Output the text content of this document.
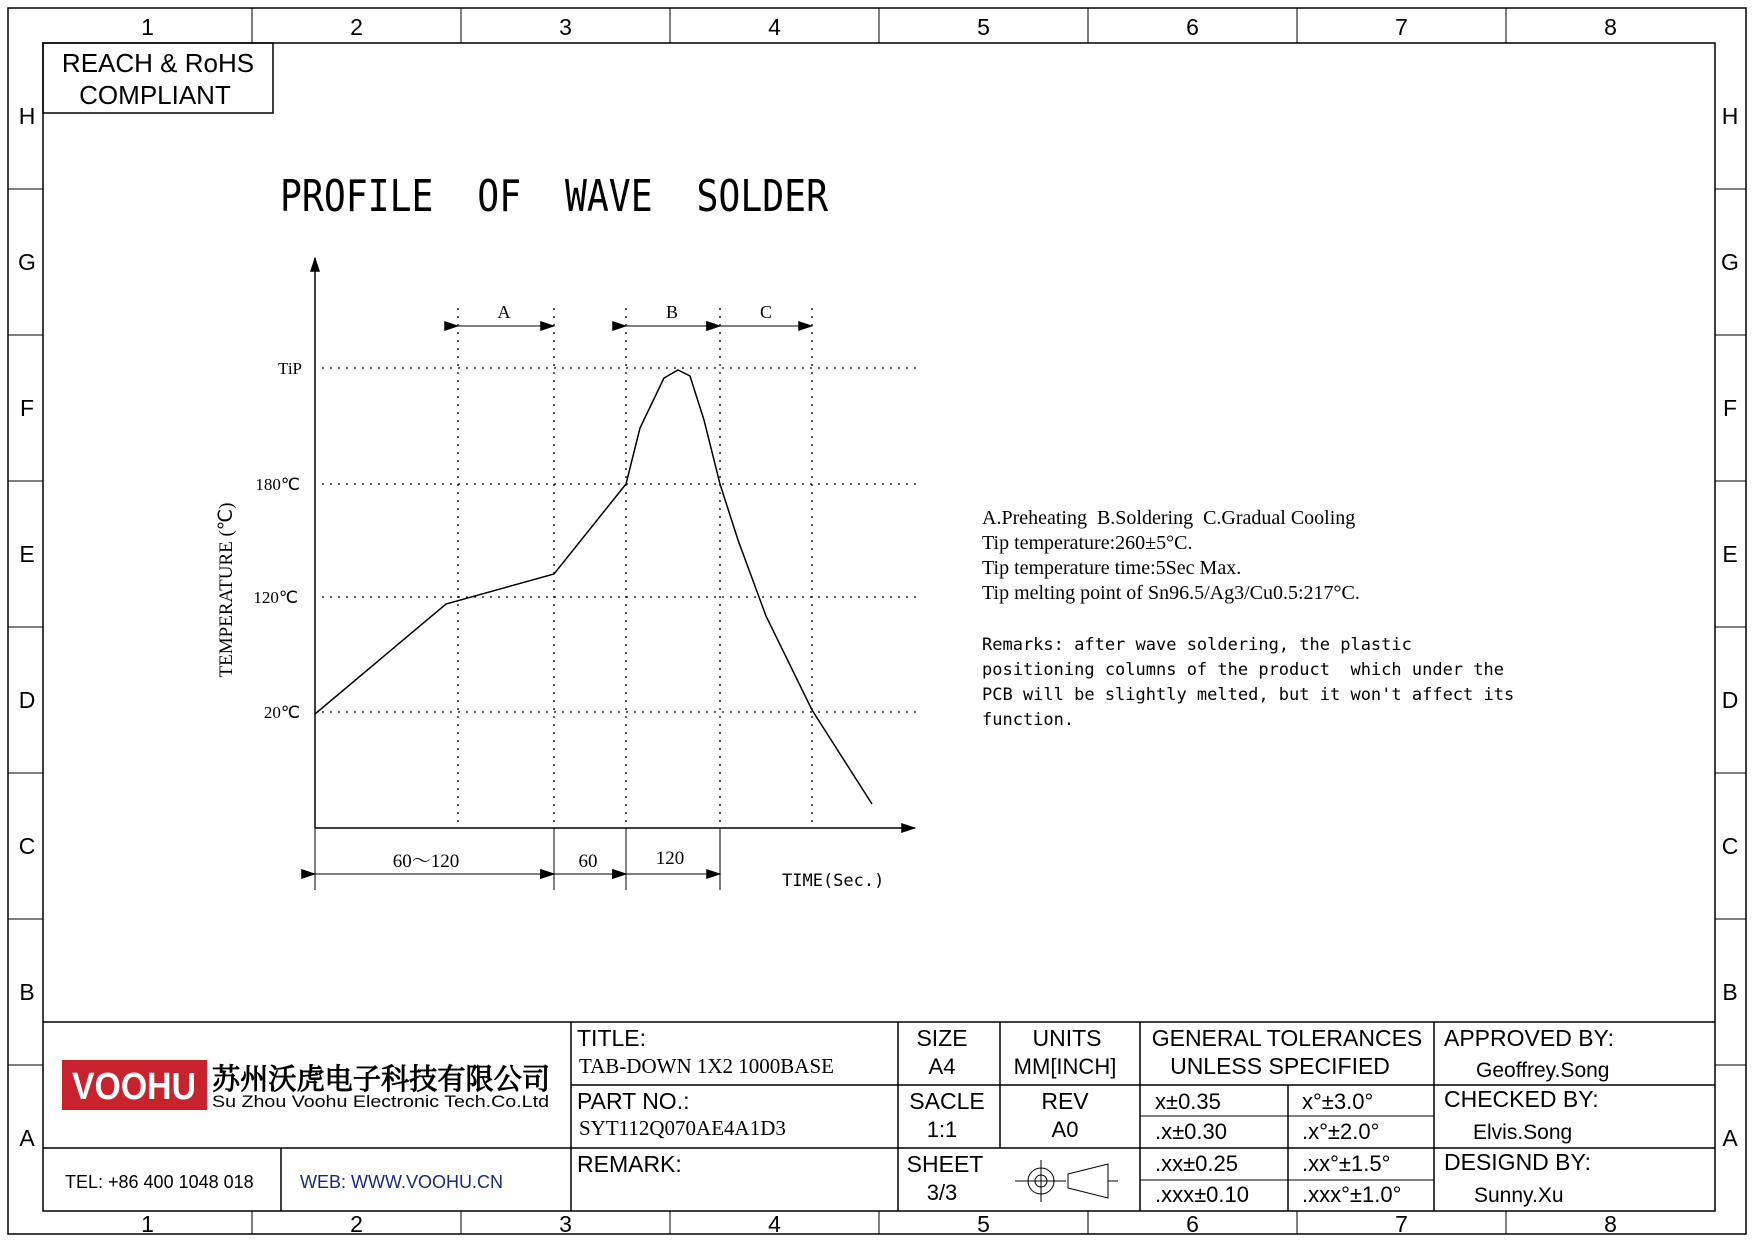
1
1
2
2
3
3
4
4
5
5
6
6
7
7
8
8
H	H
G	G
F	F
E	E
D	D
C	C
B	B
A	A
REACH & RoHS
COMPLIANT
PROFILE  OF  WAVE  SOLDER
TiP
180℃
120℃
20℃
TEMPERATURE (℃)
A	B	C
60～120	60	120
TIME(Sec.)
A.Preheating  B.Soldering  C.Gradual Cooling
Tip temperature:260±5°C.
Tip temperature time:5Sec Max.
Tip melting point of Sn96.5/Ag3/Cu0.5:217°C.
Remarks: after wave soldering, the plastic
positioning columns of the product  which under the
PCB will be slightly melted, but it won't affect its
function.
VOOHU 苏州沃虎电子科技有限公司
Su Zhou Voohu Electronic Tech.Co.Ltd
TEL: +86 400 1048 018	WEB: WWW.VOOHU.CN
TITLE:
TAB-DOWN 1X2 1000BASE
PART NO.:
SYT112Q070AE4A1D3
REMARK:
SIZE
A4
UNITS
MM[INCH]
SACLE
1:1
REV
A0
SHEET
3/3
GENERAL TOLERANCES
UNLESS SPECIFIED
x±0.35	x°±3.0°
.x±0.30	.x°±2.0°
.xx±0.25	.xx°±1.5°
.xxx±0.10 .xxx°±1.0°
APPROVED BY:
Geoffrey.Song
CHECKED BY:
Elvis.Song
DESIGND BY:
Sunny.Xu
